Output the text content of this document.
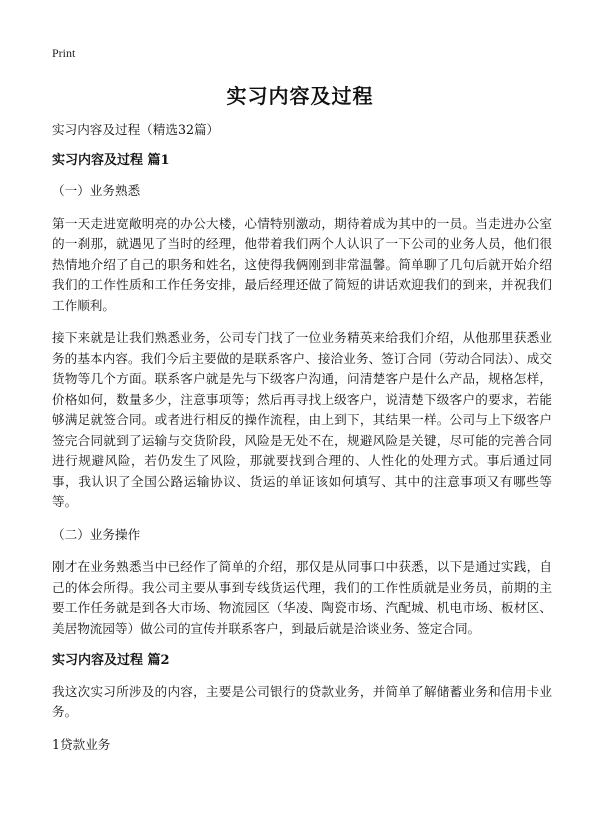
Print
实习内容及过程

实习内容及过程（精选32篇）

实习内容及过程 篇1

（一）业务熟悉

第一天走进宽敞明亮的办公大楼，心情特别激动，期待着成为其中的一员。当走进办公室的一刹那，就遇见了当时的经理，他带着我们两个人认识了一下公司的业务人员，他们很热情地介绍了自己的职务和姓名，这使得我俩刚到非常温馨。简单聊了几句后就开始介绍我们的工作性质和工作任务安排，最后经理还做了简短的讲话欢迎我们的到来，并祝我们工作顺利。

接下来就是让我们熟悉业务，公司专门找了一位业务精英来给我们介绍，从他那里获悉业务的基本内容。我们今后主要做的是联系客户、接洽业务、签订合同（劳动合同法）、成交货物等几个方面。联系客户就是先与下级客户沟通，问清楚客户是什么产品，规格怎样，价格如何，数量多少，注意事项等；然后再寻找上级客户，说清楚下级客户的要求，若能够满足就签合同。或者进行相反的操作流程，由上到下，其结果一样。公司与上下级客户签完合同就到了运输与交货阶段，风险是无处不在，规避风险是关键，尽可能的完善合同进行规避风险，若仍发生了风险，那就要找到合理的、人性化的处理方式。事后通过同事，我认识了全国公路运输协议、货运的单证该如何填写、其中的注意事项又有哪些等等。

（二）业务操作

刚才在业务熟悉当中已经作了简单的介绍，那仅是从同事口中获悉，以下是通过实践，自己的体会所得。我公司主要从事到专线货运代理，我们的工作性质就是业务员，前期的主要工作任务就是到各大市场、物流园区（华凌、陶瓷市场、汽配城、机电市场、板材区、美居物流园等）做公司的宣传并联系客户，到最后就是洽谈业务、签定合同。

实习内容及过程 篇2

我这次实习所涉及的内容，主要是公司银行的贷款业务，并简单了解储蓄业务和信用卡业务。

1贷款业务
